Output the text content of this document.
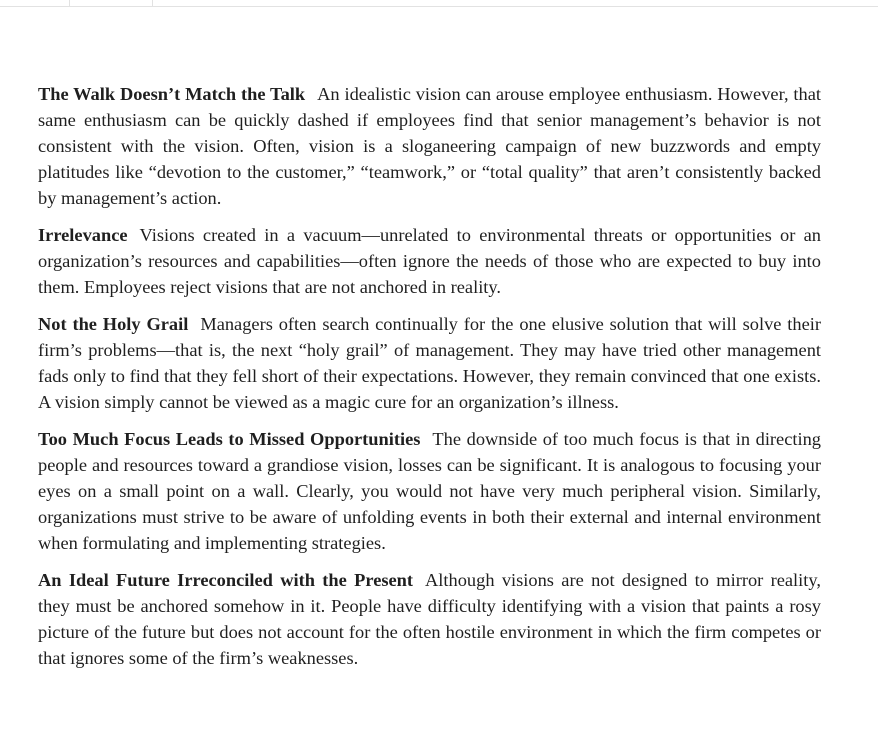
The Walk Doesn’t Match the Talk An idealistic vision can arouse employee enthusiasm. However, that same enthusiasm can be quickly dashed if employees find that senior management’s behavior is not consistent with the vision. Often, vision is a sloganeering campaign of new buzzwords and empty platitudes like “devotion to the customer,” “teamwork,” or “total quality” that aren’t consistently backed by management’s action.

Irrelevance Visions created in a vacuum—unrelated to environmental threats or opportunities or an organization’s resources and capabilities—often ignore the needs of those who are expected to buy into them. Employees reject visions that are not anchored in reality.

Not the Holy Grail Managers often search continually for the one elusive solution that will solve their firm’s problems—that is, the next “holy grail” of management. They may have tried other management fads only to find that they fell short of their expectations. However, they remain convinced that one exists. A vision simply cannot be viewed as a magic cure for an organization’s illness.

Too Much Focus Leads to Missed Opportunities The downside of too much focus is that in directing people and resources toward a grandiose vision, losses can be significant. It is analogous to focusing your eyes on a small point on a wall. Clearly, you would not have very much peripheral vision. Similarly, organizations must strive to be aware of unfolding events in both their external and internal environment when formulating and implementing strategies.

An Ideal Future Irreconciled with the Present Although visions are not designed to mirror reality, they must be anchored somehow in it. People have difficulty identifying with a vision that paints a rosy picture of the future but does not account for the often hostile environment in which the firm competes or that ignores some of the firm’s weaknesses.
